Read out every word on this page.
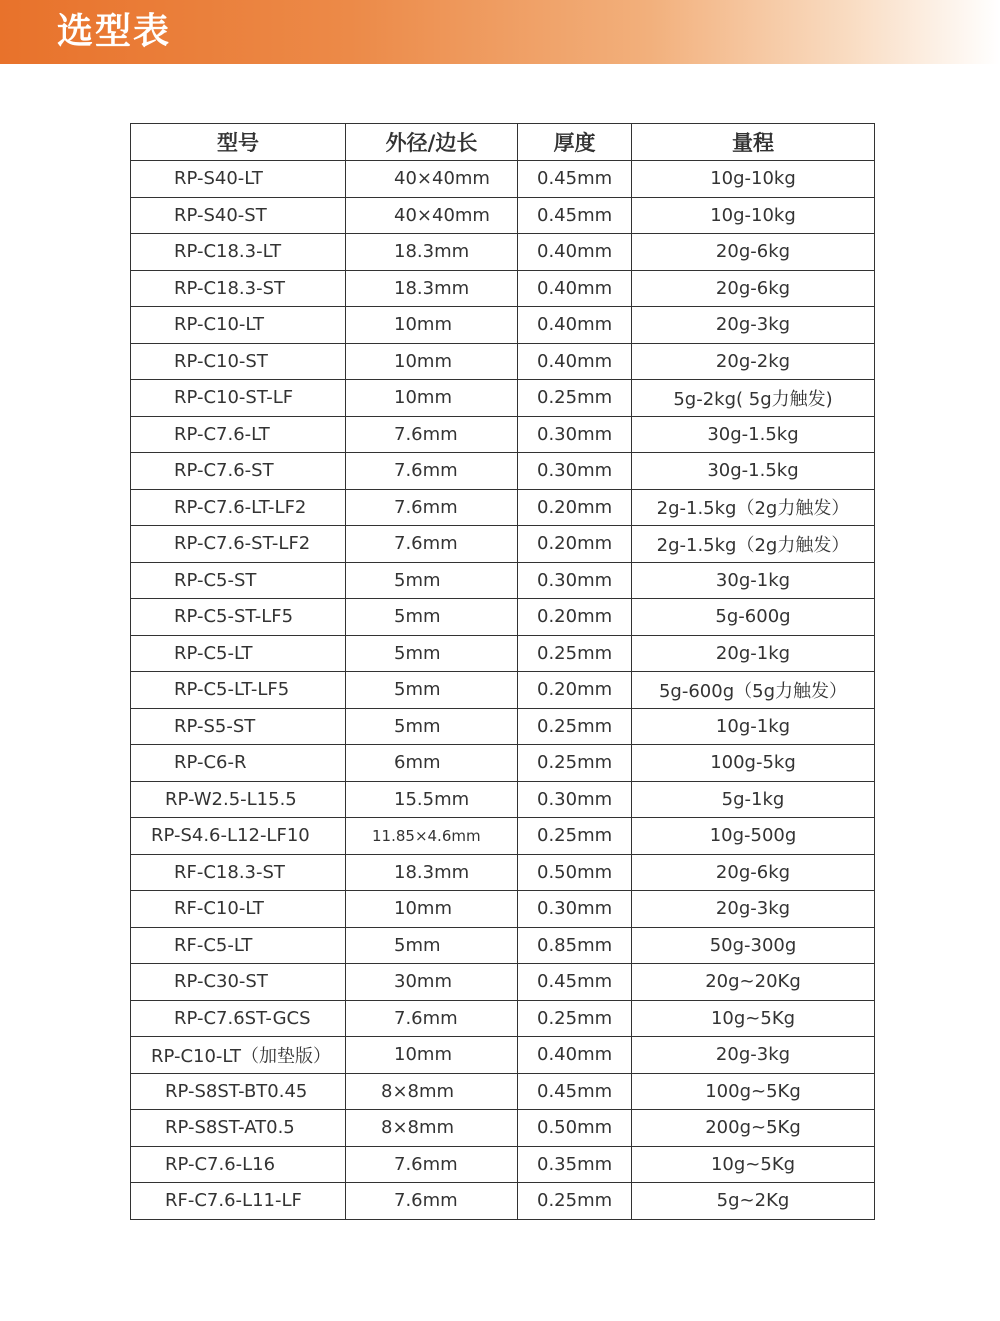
选型表
型号	外径/边长	厚度	量程
RP-S40-LT	40×40mm	0.45mm	10g-10kg
RP-S40-ST	40×40mm	0.45mm	10g-10kg
RP-C18.3-LT	18.3mm	0.40mm	20g-6kg
RP-C18.3-ST	18.3mm	0.40mm	20g-6kg
RP-C10-LT	10mm	0.40mm	20g-3kg
RP-C10-ST	10mm	0.40mm	20g-2kg
RP-C10-ST-LF	10mm	0.25mm	5g-2kg( 5g力触发)
RP-C7.6-LT	7.6mm	0.30mm	30g-1.5kg
RP-C7.6-ST	7.6mm	0.30mm	30g-1.5kg
RP-C7.6-LT-LF2	7.6mm	0.20mm	2g-1.5kg（2g力触发）
RP-C7.6-ST-LF2	7.6mm	0.20mm	2g-1.5kg（2g力触发）
RP-C5-ST	5mm	0.30mm	30g-1kg
RP-C5-ST-LF5	5mm	0.20mm	5g-600g
RP-C5-LT	5mm	0.25mm	20g-1kg
RP-C5-LT-LF5	5mm	0.20mm	5g-600g（5g力触发）
RP-S5-ST	5mm	0.25mm	10g-1kg
RP-C6-R	6mm	0.25mm	100g-5kg
RP-W2.5-L15.5	15.5mm	0.30mm	5g-1kg
RP-S4.6-L12-LF10	11.85×4.6mm	0.25mm	10g-500g
RF-C18.3-ST	18.3mm	0.50mm	20g-6kg
RF-C10-LT	10mm	0.30mm	20g-3kg
RF-C5-LT	5mm	0.85mm	50g-300g
RP-C30-ST	30mm	0.45mm	20g~20Kg
RP-C7.6ST-GCS	7.6mm	0.25mm	10g~5Kg
RP-C10-LT（加垫版）	10mm	0.40mm	20g-3kg
RP-S8ST-BT0.45	8×8mm	0.45mm	100g~5Kg
RP-S8ST-AT0.5	8×8mm	0.50mm	200g~5Kg
RP-C7.6-L16	7.6mm	0.35mm	10g~5Kg
RF-C7.6-L11-LF	7.6mm	0.25mm	5g~2Kg
